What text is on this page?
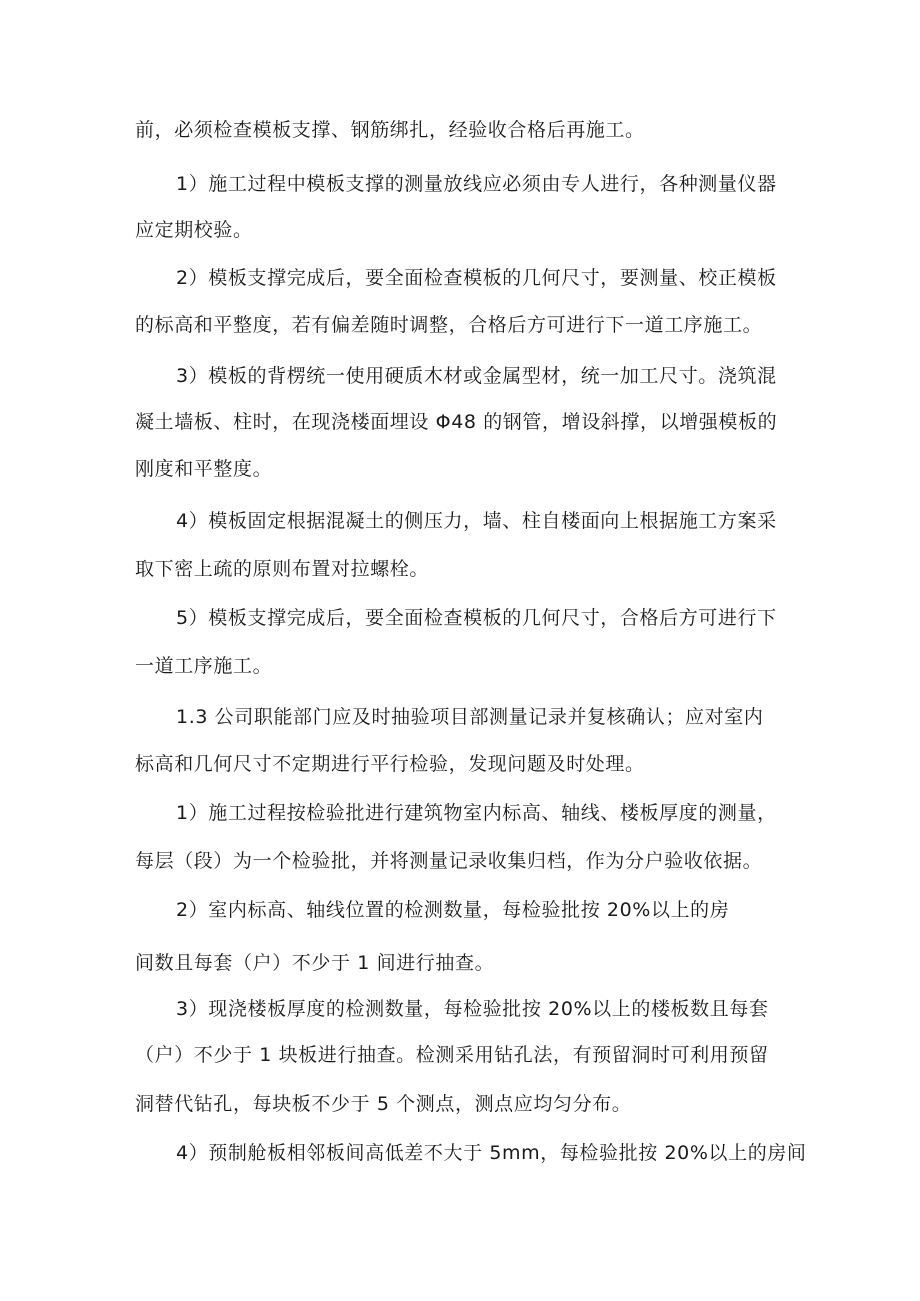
前，必须检查模板支撑、钢筋绑扎，经验收合格后再施工。
1）施工过程中模板支撑的测量放线应必须由专人进行，各种测量仪器
应定期校验。
2）模板支撑完成后，要全面检查模板的几何尺寸，要测量、校正模板
的标高和平整度，若有偏差随时调整，合格后方可进行下一道工序施工。
3）模板的背楞统一使用硬质木材或金属型材，统一加工尺寸。浇筑混
凝土墙板、柱时，在现浇楼面埋设 Φ48 的钢管，增设斜撑，以增强模板的
刚度和平整度。
4）模板固定根据混凝土的侧压力，墙、柱自楼面向上根据施工方案采
取下密上疏的原则布置对拉螺栓。
5）模板支撑完成后，要全面检查模板的几何尺寸，合格后方可进行下
一道工序施工。
1.3 公司职能部门应及时抽验项目部测量记录并复核确认；应对室内
标高和几何尺寸不定期进行平行检验，发现问题及时处理。
1）施工过程按检验批进行建筑物室内标高、轴线、楼板厚度的测量，
每层（段）为一个检验批，并将测量记录收集归档，作为分户验收依据。
2）室内标高、轴线位置的检测数量，每检验批按 20%以上的房
间数且每套（户）不少于 1 间进行抽查。
3）现浇楼板厚度的检测数量，每检验批按 20%以上的楼板数且每套
（户）不少于 1 块板进行抽查。检测采用钻孔法，有预留洞时可利用预留
洞替代钻孔，每块板不少于 5 个测点，测点应均匀分布。
4）预制舱板相邻板间高低差不大于 5mm，每检验批按 20%以上的房间
